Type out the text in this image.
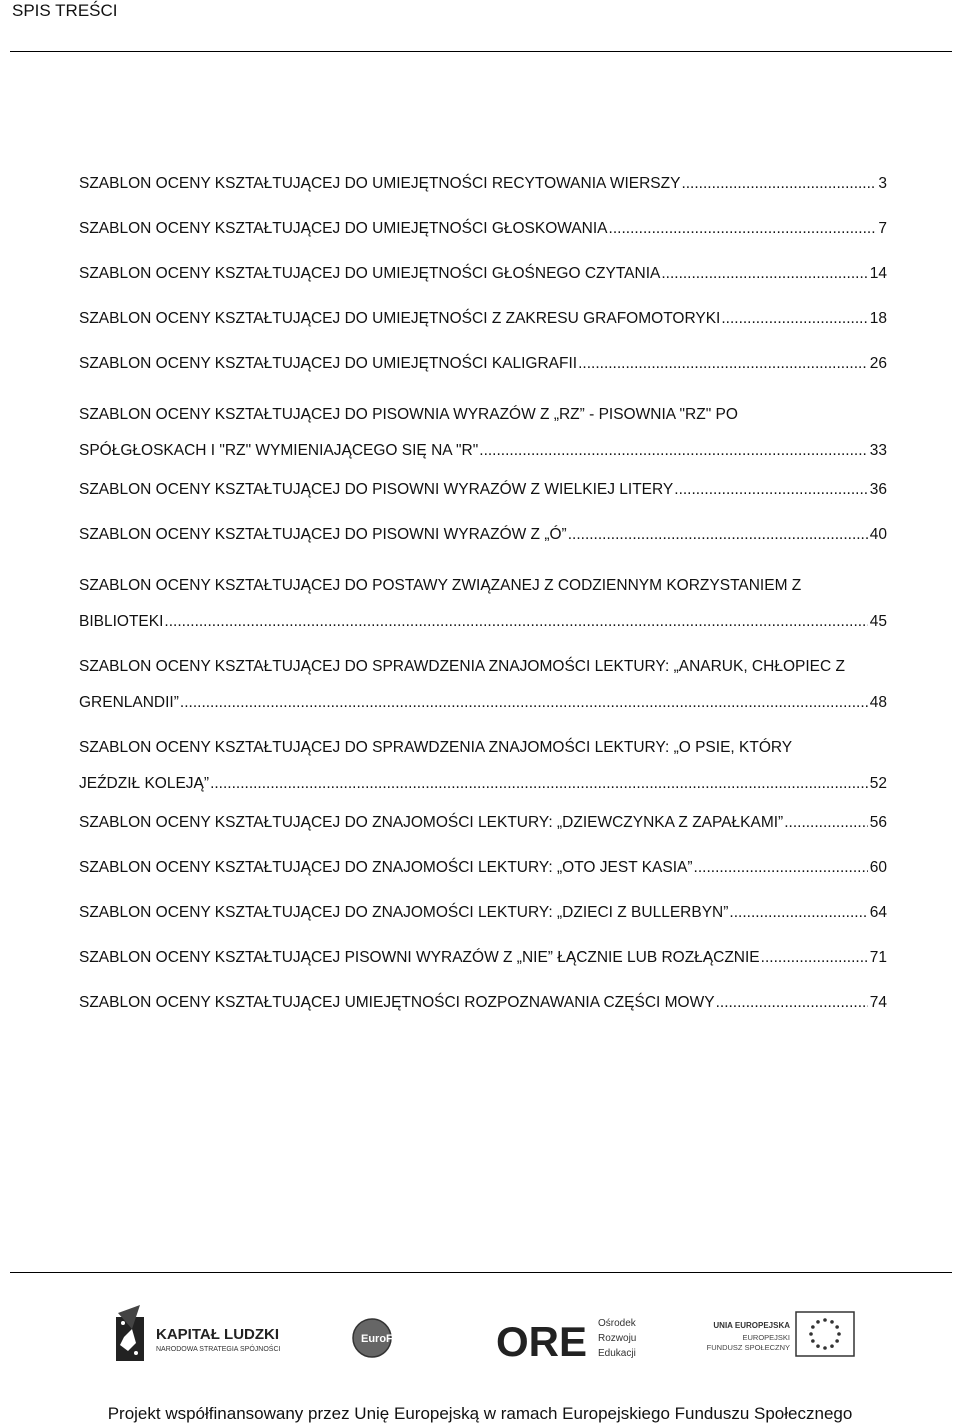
SPIS TREŚCI
SZABLON OCENY KSZTAŁTUJĄCEJ DO UMIEJĘTNOŚCI RECYTOWANIA WIERSZY .....	3
SZABLON OCENY KSZTAŁTUJĄCEJ DO UMIEJĘTNOŚCI GŁOSKOWANIA .....	7
SZABLON OCENY KSZTAŁTUJĄCEJ DO UMIEJĘTNOŚCI GŁOŚNEGO CZYTANIA .....	14
SZABLON OCENY KSZTAŁTUJĄCEJ DO UMIEJĘTNOŚCI Z ZAKRESU GRAFOMOTORYKI .....	18
SZABLON OCENY KSZTAŁTUJĄCEJ DO UMIEJĘTNOŚCI KALIGRAFII .....	26
SZABLON OCENY KSZTAŁTUJĄCEJ DO PISOWNIA WYRAZÓW Z „RZ” - PISOWNIA "RZ" PO
SPÓŁGŁOSKACH I "RZ" WYMIENIAJĄCEGO SIĘ NA "R" .....	33
SZABLON OCENY KSZTAŁTUJĄCEJ DO PISOWNI WYRAZÓW Z WIELKIEJ LITERY .....	36
SZABLON OCENY KSZTAŁTUJĄCEJ DO PISOWNI WYRAZÓW Z „Ó” .....	40
SZABLON OCENY KSZTAŁTUJĄCEJ DO POSTAWY ZWIĄZANEJ Z CODZIENNYM KORZYSTANIEM Z
BIBLIOTEKI .....	45
SZABLON OCENY KSZTAŁTUJĄCEJ DO SPRAWDZENIA ZNAJOMOŚCI LEKTURY: „ANARUK, CHŁOPIEC Z
GRENLANDII” .....	48
SZABLON OCENY KSZTAŁTUJĄCEJ DO SPRAWDZENIA ZNAJOMOŚCI LEKTURY: „O PSIE, KTÓRY
JEŹDZIŁ KOLEJĄ” .....	52
SZABLON OCENY KSZTAŁTUJĄCEJ DO ZNAJOMOŚCI LEKTURY: „DZIEWCZYNKA Z ZAPAŁKAMI” .....	56
SZABLON OCENY KSZTAŁTUJĄCEJ DO ZNAJOMOŚCI LEKTURY: „OTO JEST KASIA” .....	60
SZABLON OCENY KSZTAŁTUJĄCEJ DO ZNAJOMOŚCI LEKTURY: „DZIECI Z BULLERBYN” .....	64
SZABLON OCENY KSZTAŁTUJĄCEJ PISOWNI WYRAZÓW Z „NIE” ŁĄCZNIE LUB ROZŁĄCZNIE .....	71
SZABLON OCENY KSZTAŁTUJĄCEJ UMIEJĘTNOŚCI ROZPOZNAWANIA CZĘŚCI MOWY .....	74
KAPITAŁ LUDZKI
NARODOWA STRATEGIA SPÓJNOŚCI
EuroForum ORE Ośrodek
Rozwoju
Edukacji
UNIA EUROPEJSKA
EUROPEJSKI
FUNDUSZ SPOŁECZNY
Projekt współfinansowany przez Unię Europejską w ramach Europejskiego Funduszu Społecznego
